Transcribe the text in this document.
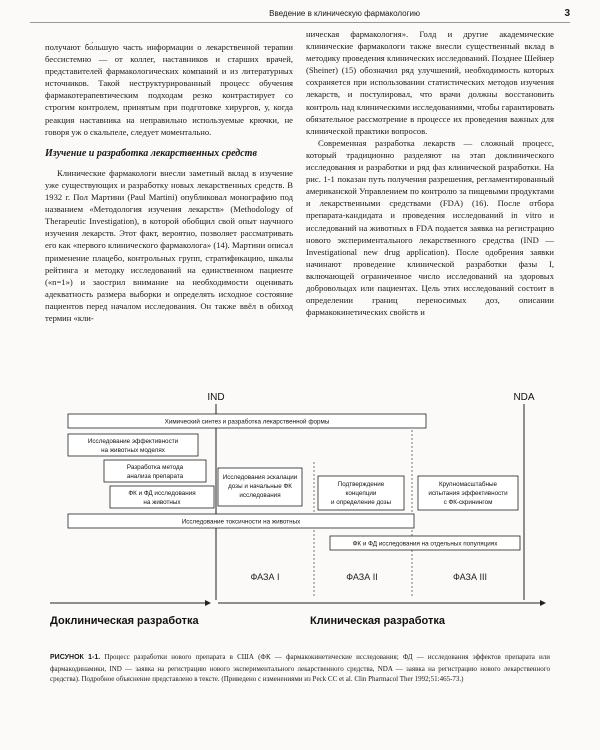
Введение в клиническую фармакологию	3

получают бо́льшую часть информации о лекарственной терапии бессистемно — от коллег, наставников и старших врачей, представителей фармакологических компаний и из литературных источников. Такой неструктурированный процесс обучения фармакотерапевтическим подходам резко контрастирует со строгим контролем, принятым при подготовке хирургов, у, когда реакция наставника на неправильно используемые крючки, не говоря уж о скальпеле, следует моментально.

Изучение и разработка лекарственных средств

Клинические фармакологи внесли заметный вклад в изучение уже существующих и разработку новых лекарственных средств. В 1932 г. Пол Мартини (Paul Martini) опубликовал монографию под названием «Методология изучения лекарств» (Methodology of Therapeutic Investigation), в которой обобщил свой опыт научного изучения лекарств. Этот факт, вероятно, позволяет рассматривать его как «первого клинического фармаколога» (14). Мартини описал применение плацебо, контрольных групп, стратификацию, шкалы рейтинга и методку исследований на единственном пациенте («n=1») и заострил внимание на необходимости оценивать адекватность размера выборки и определять исходное состояние пациентов перед началом исследования. Он также ввёл в обиход термин «кли-

ническая фармакология». Голд и другие академические клинические фармакологи также внесли существенный вклад в методику проведения клинических исследований. Позднее Шейнер (Sheiner) (15) обозначил ряд улучшений, необходимость которых сохраняется при использовании статистических методов изучения лекарств, и постулировал, что врачи должны восстановить контроль над клиническими исследованиями, чтобы гарантировать обязательное рассмотрение в процессе их проведения важных для клинической практики вопросов.

Современная разработка лекарств — сложный процесс, который традиционно разделяют на этап доклинического исследования и разработки и ряд фаз клинической разработки. На рис. 1-1 показан путь получения разрешения, регламентированный американской Управлением по контролю за пищевыми продуктами и лекарственными средствами (FDA) (16). После отбора препарата-кандидата и проведения исследований in vitro и исследований на животных в FDA подается заявка на регистрацию нового экспериментального лекарственного средства (IND — Investigational new drug application). После одобрения заявки начинают проведение клинической разработки фазы I, включающей ограниченное число исследований на здоровых добровольцах или пациентах. Цель этих исследований состоит в определении границ переносимых доз, описании фармакокинетических свойств и

IND	NDA
Химический синтез и разработка лекарственной формы
Исследование эффективности
на животных моделях
Разработка метода
анализа препарата
ФК и ФД исследования
на животных
Исследования эскалации
дозы и начальные ФК
исследования
Подтверждение
концепции
и определение дозы
Крупномасштабные
испытания эффективности
с ФК-скринингом
Исследование токсичности на животных
ФК и ФД исследования на отдельных популяциях
ФАЗА I	ФАЗА II	ФАЗА III
Доклиническая разработка	Клиническая разработка
РИСУНОК 1-1. Процесс разработки нового препарата в США (ФК — фармакокинетические исследования; ФД — исследования эффектов препарата или фармакодинамики, IND — заявка на регистрацию нового экспериментального лекарственного средства, NDA — заявка на регистрацию нового лекарственного средства). Подробное объяснение представлено в тексте. (Приведено с изменениями из Peck CC et al. Clin Pharmacol Ther 1992;51:465-73.)
